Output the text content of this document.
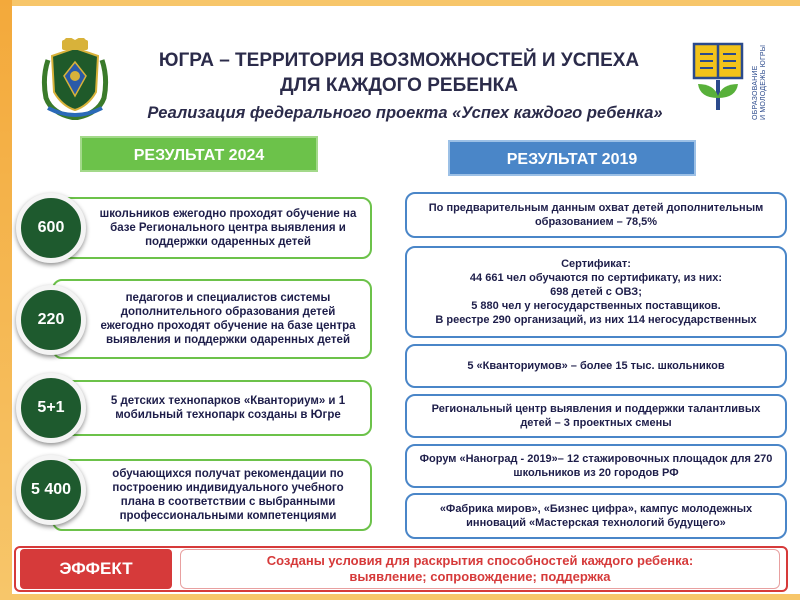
ОБРАЗОВАНИЕ
И МОЛОДЕЖЬ ЮГРЫ
ЮГРА – ТЕРРИТОРИЯ ВОЗМОЖНОСТЕЙ И УСПЕХА
ДЛЯ КАЖДОГО РЕБЕНКА
Реализация федерального проекта «Успех каждого ребенка»
РЕЗУЛЬТАТ 2024	РЕЗУЛЬТАТ 2019
школьников ежегодно проходят обучение на базе Регионального центра выявления и поддержки одаренных детей
600
педагогов и специалистов системы дополнительного образования детей ежегодно проходят обучение на базе центра выявления и поддержки одаренных детей
220
5 детских технопарков «Кванториум» и 1 мобильный технопарк созданы в Югре
5+1
обучающихся получат рекомендации по построению индивидуального учебного плана в соответствии с выбранными профессиональными компетенциями
5 400
По предварительным данным охват детей дополнительным образованием – 78,5%
Сертификат:
44 661 чел обучаются по сертификату, из них:
698 детей с ОВЗ;
5 880 чел у негосударственных поставщиков.
В реестре 290 организаций, из них 114 негосударственных
5 «Кванториумов» – более 15 тыс. школьников
Региональный центр выявления и поддержки талантливых детей – 3 проектных смены
Форум «Наноград - 2019»– 12 стажировочных площадок для 270 школьников из 20 городов РФ
«Фабрика миров», «Бизнес цифра», кампус молодежных инноваций «Мастерская технологий будущего»
ЭФФЕКТ	Созданы условия для раскрытия способностей каждого ребенка:
выявление; сопровождение; поддержка
